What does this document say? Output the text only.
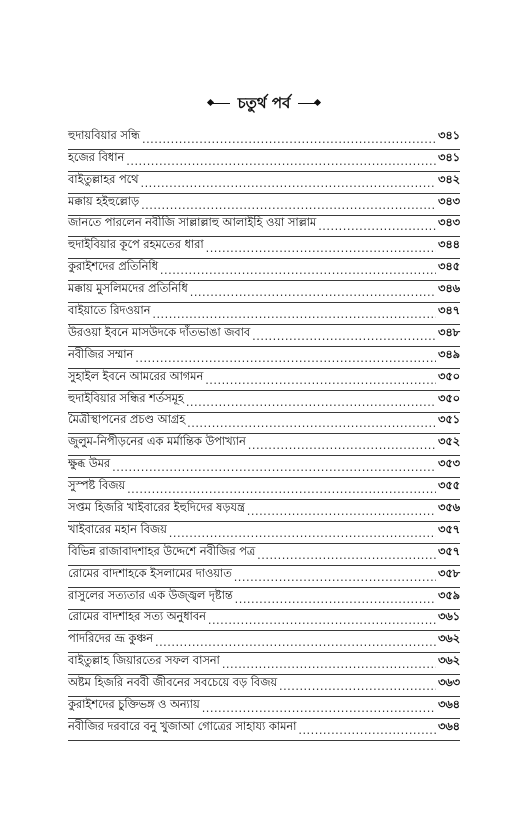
চতুর্থ পর্ব
হুদায়বিয়ার সন্ধি .....	৩৪১
হজের বিধান .....	৩৪১
বাইতুল্লাহর পথে .....	৩৪২
মক্কায় হইহুল্লোড় .....	৩৪৩
জানতে পারলেন নবীজি সাল্লাল্লাহু আলাইহি ওয়া সাল্লাম .....	৩৪৩
হুদাইবিয়ার কূপে রহমতের ধারা .....	৩৪৪
কুরাইশদের প্রতিনিধি .....	৩৪৫
মক্কায় মুসলিমদের প্রতিনিধি .....	৩৪৬
বাইয়াতে রিদওয়ান .....	৩৪৭
উরওয়া ইবনে মাসউদকে দাঁতভাঙা জবাব .....	৩৪৮
নবীজির সম্মান .....	৩৪৯
সুহাইল ইবনে আমরের আগমন .....	৩৫০
হুদাইবিয়ার সন্ধির শর্তসমূহ .....	৩৫০
মৈত্রীস্থাপনের প্রচণ্ড আগ্রহ .....	৩৫১
জুলুম-নিপীড়নের এক মর্মান্তিক উপাখ্যান .....	৩৫২
ক্ষুব্ধ উমর .....	৩৫৩
সুস্পষ্ট বিজয় .....	৩৫৫
সপ্তম হিজরি খাইবারের ইহুদিদের ষড়যন্ত্র .....	৩৫৬
খাইবারের মহান বিজয় .....	৩৫৭
বিভিন্ন রাজাবাদশাহর উদ্দেশে নবীজির পত্র .....	৩৫৭
রোমের বাদশাহকে ইসলামের দাওয়াত .....	৩৫৮
রাসুলের সত্যতার এক উজ্জ্বল দৃষ্টান্ত .....	৩৫৯
রোমের বাদশাহর সত্য অনুধাবন .....	৩৬১
পাদরিদের ভ্রূ কুঞ্চন .....	৩৬২
বাইতুল্লাহ জিয়ারতের সফল বাসনা .....	৩৬২
অষ্টম হিজরি নববী জীবনের সবচেয়ে বড় বিজয় .....	৩৬৩
কুরাইশদের চুক্তিভঙ্গ ও অন্যায় .....	৩৬৪
নবীজির দরবারে বনু খুজাআ গোত্রের সাহায্য কামনা .....	৩৬৪
